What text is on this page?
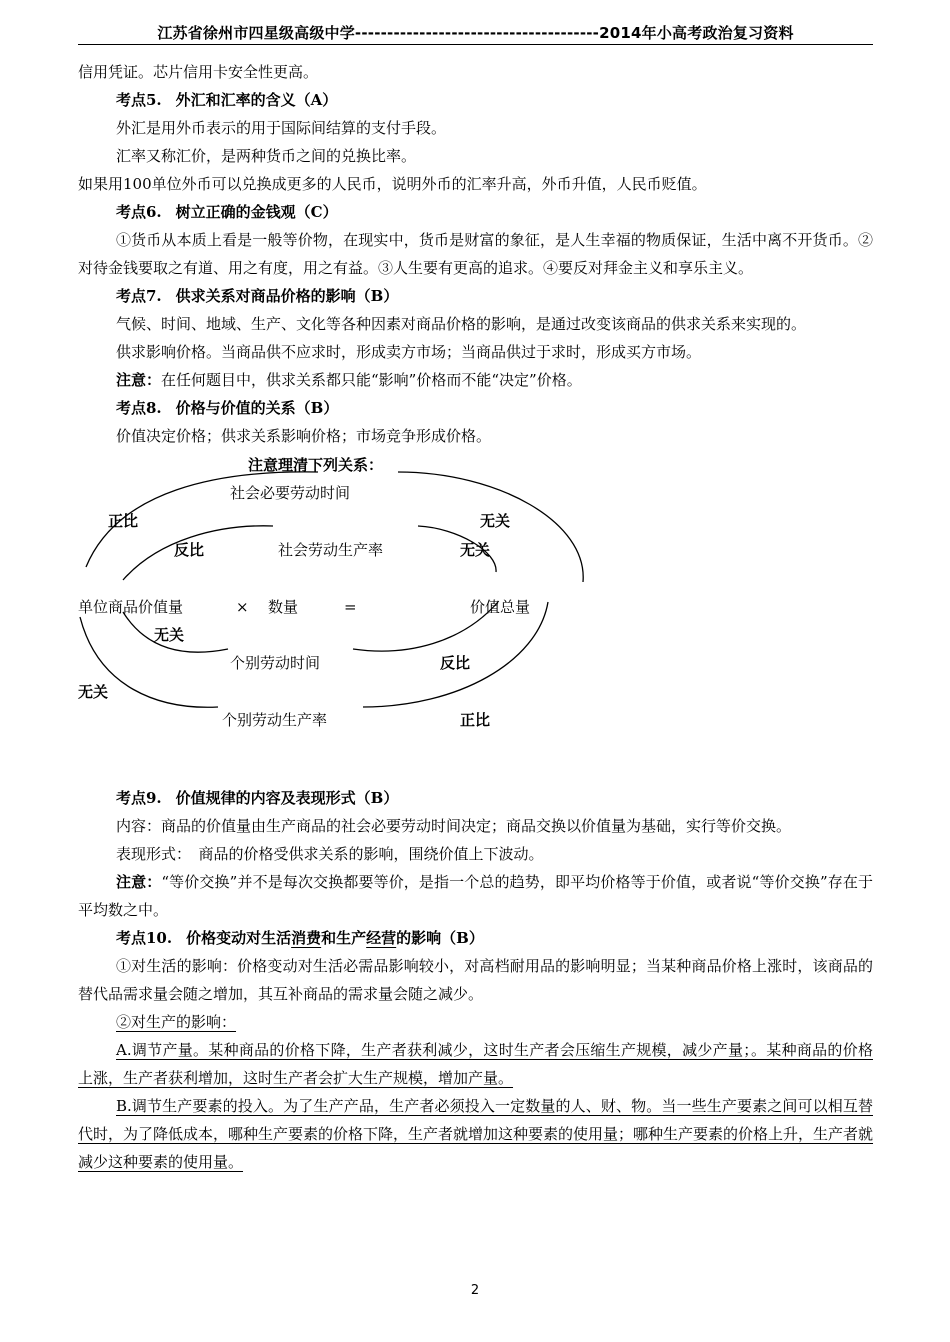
江苏省徐州市四星级高级中学--------------------------------------2014年小高考政治复习资料

信用凭证。芯片信用卡安全性更高。

考点5. 外汇和汇率的含义（A）

外汇是用外币表示的用于国际间结算的支付手段。

汇率又称汇价，是两种货币之间的兑换比率。

如果用100单位外币可以兑换成更多的人民币，说明外币的汇率升高，外币升值，人民币贬值。

考点6. 树立正确的金钱观（C）

①货币从本质上看是一般等价物，在现实中，货币是财富的象征，是人生幸福的物质保证，生活中离不开货币。②对待金钱要取之有道、用之有度，用之有益。③人生要有更高的追求。④要反对拜金主义和享乐主义。

考点7. 供求关系对商品价格的影响（B）

气候、时间、地域、生产、文化等各种因素对商品价格的影响，是通过改变该商品的供求关系来实现的。

供求影响价格。当商品供不应求时，形成卖方市场；当商品供过于求时，形成买方市场。

注意：在任何题目中，供求关系都只能“影响”价格而不能“决定”价格。

考点8. 价格与价值的关系（B）

价值决定价格；供求关系影响价格；市场竞争形成价格。

注意理清下列关系：
社会必要劳动时间
正比	无关
反比	社会劳动生产率	无关
单位商品价值量	× 数量	=	价值总量
无关
个别劳动时间	反比
无关
个别劳动生产率	正比

考点9. 价值规律的内容及表现形式（B）

内容：商品的价值量由生产商品的社会必要劳动时间决定；商品交换以价值量为基础，实行等价交换。

表现形式：　商品的价格受供求关系的影响，围绕价值上下波动。

注意：“等价交换”并不是每次交换都要等价，是指一个总的趋势，即平均价格等于价值，或者说“等价交换”存在于平均数之中。

考点10. 价格变动对生活消费和生产经营的影响（B）

①对生活的影响：价格变动对生活必需品影响较小，对高档耐用品的影响明显；当某种商品价格上涨时，该商品的替代品需求量会随之增加，其互补商品的需求量会随之减少。

②对生产的影响：

A.调节产量。某种商品的价格下降，生产者获利减少，这时生产者会压缩生产规模，减少产量；。某种商品的价格上涨，生产者获利增加，这时生产者会扩大生产规模，增加产量。

B.调节生产要素的投入。为了生产产品，生产者必须投入一定数量的人、财、物。当一些生产要素之间可以相互替代时，为了降低成本，哪种生产要素的价格下降，生产者就增加这种要素的使用量；哪种生产要素的价格上升，生产者就减少这种要素的使用量。

2
